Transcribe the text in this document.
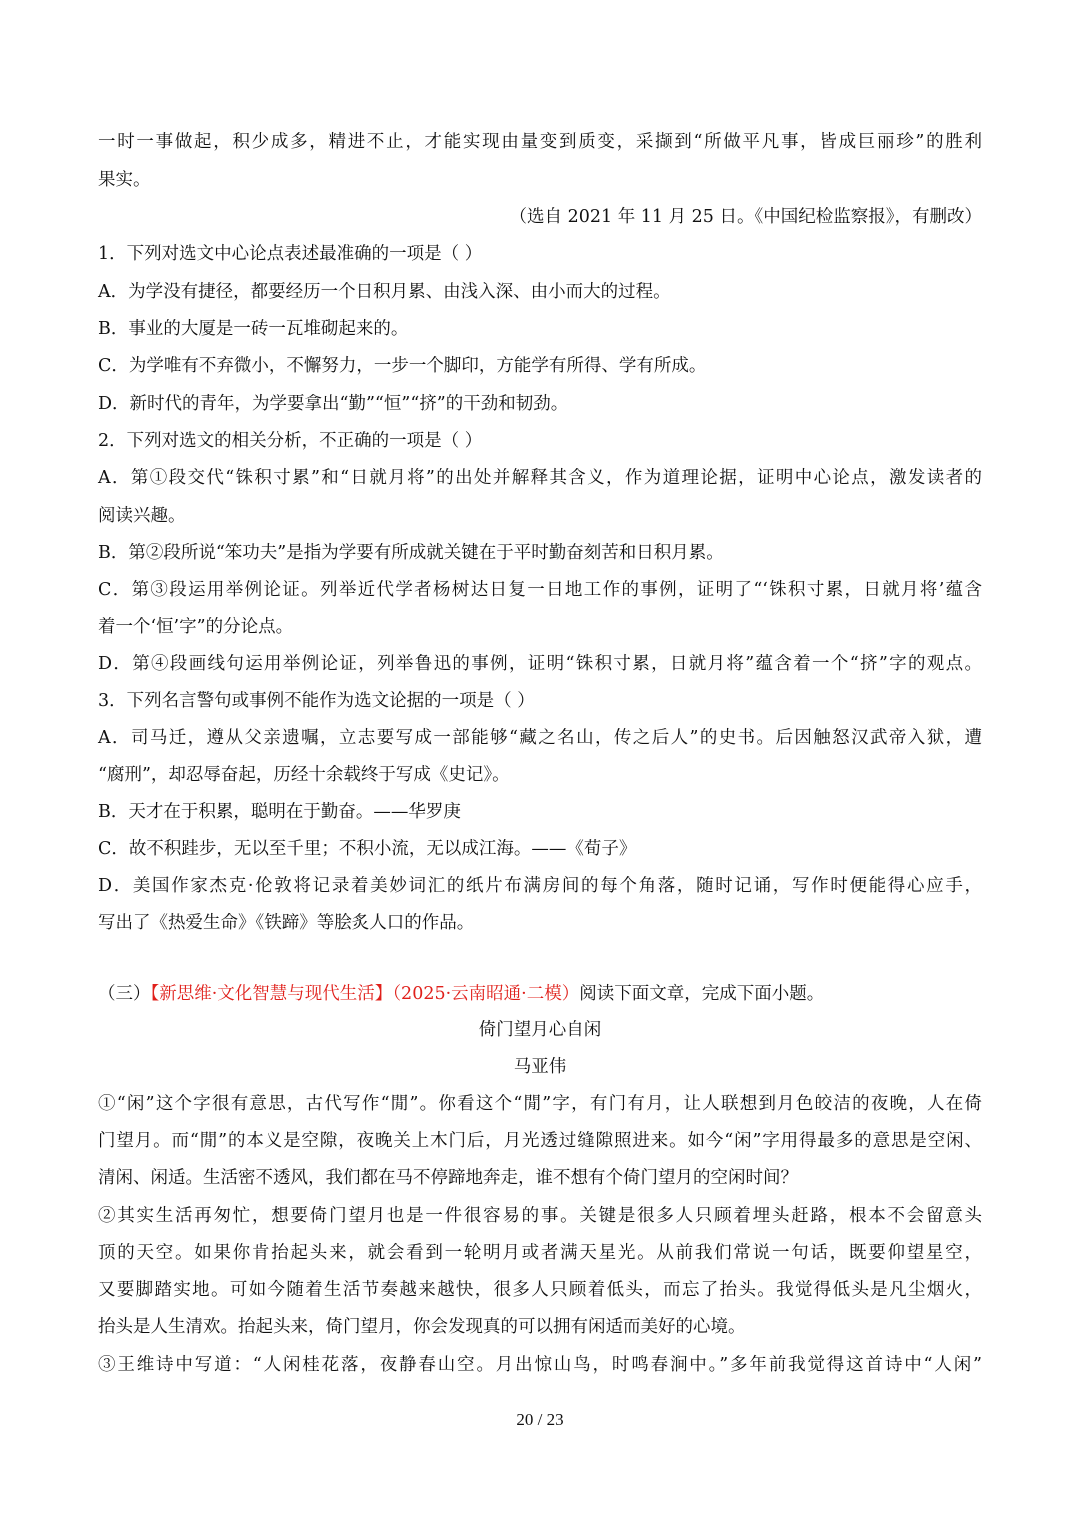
一时一事做起，积少成多，精进不止，才能实现由量变到质变，采撷到“所做平凡事，皆成巨丽珍”的胜利
果实。
（选自 2021 年 11 月 25 日。《中国纪检监察报》，有删改）
1．下列对选文中心论点表述最准确的一项是（ ）
A．为学没有捷径，都要经历一个日积月累、由浅入深、由小而大的过程。
B．事业的大厦是一砖一瓦堆砌起来的。
C．为学唯有不弃微小，不懈努力，一步一个脚印，方能学有所得、学有所成。
D．新时代的青年，为学要拿出“勤”“恒”“挤”的干劲和韧劲。
2．下列对选文的相关分析，不正确的一项是（ ）
A．第①段交代“铢积寸累”和“日就月将”的出处并解释其含义，作为道理论据，证明中心论点，激发读者的
阅读兴趣。
B．第②段所说“笨功夫”是指为学要有所成就关键在于平时勤奋刻苦和日积月累。
C．第③段运用举例论证。列举近代学者杨树达日复一日地工作的事例，证明了“‘铢积寸累，日就月将’蕴含
着一个‘恒’字”的分论点。
D．第④段画线句运用举例论证，列举鲁迅的事例，证明“铢积寸累，日就月将”蕴含着一个“挤”字的观点。
3．下列名言警句或事例不能作为选文论据的一项是（ ）
A．司马迁，遵从父亲遗嘱，立志要写成一部能够“藏之名山，传之后人”的史书。后因触怒汉武帝入狱，遭
“腐刑”，却忍辱奋起，历经十余载终于写成《史记》。
B．天才在于积累，聪明在于勤奋。——华罗庚
C．故不积跬步，无以至千里；不积小流，无以成江海。——《荀子》
D．美国作家杰克·伦敦将记录着美妙词汇的纸片布满房间的每个角落，随时记诵，写作时便能得心应手，
写出了《热爱生命》《铁蹄》等脍炙人口的作品。
（三）【新思维·文化智慧与现代生活】（2025·云南昭通·二模）阅读下面文章，完成下面小题。
倚门望月心自闲
马亚伟
①“闲”这个字很有意思，古代写作“閒”。你看这个“閒”字，有门有月，让人联想到月色皎洁的夜晚，人在倚
门望月。而“閒”的本义是空隙，夜晚关上木门后，月光透过缝隙照进来。如今“闲”字用得最多的意思是空闲、
清闲、闲适。生活密不透风，我们都在马不停蹄地奔走，谁不想有个倚门望月的空闲时间？
②其实生活再匆忙，想要倚门望月也是一件很容易的事。关键是很多人只顾着埋头赶路，根本不会留意头
顶的天空。如果你肯抬起头来，就会看到一轮明月或者满天星光。从前我们常说一句话，既要仰望星空，
又要脚踏实地。可如今随着生活节奏越来越快，很多人只顾着低头，而忘了抬头。我觉得低头是凡尘烟火，
抬头是人生清欢。抬起头来，倚门望月，你会发现真的可以拥有闲适而美好的心境。
③王维诗中写道：“人闲桂花落，夜静春山空。月出惊山鸟，时鸣春涧中。”多年前我觉得这首诗中“人闲”
20 / 23
